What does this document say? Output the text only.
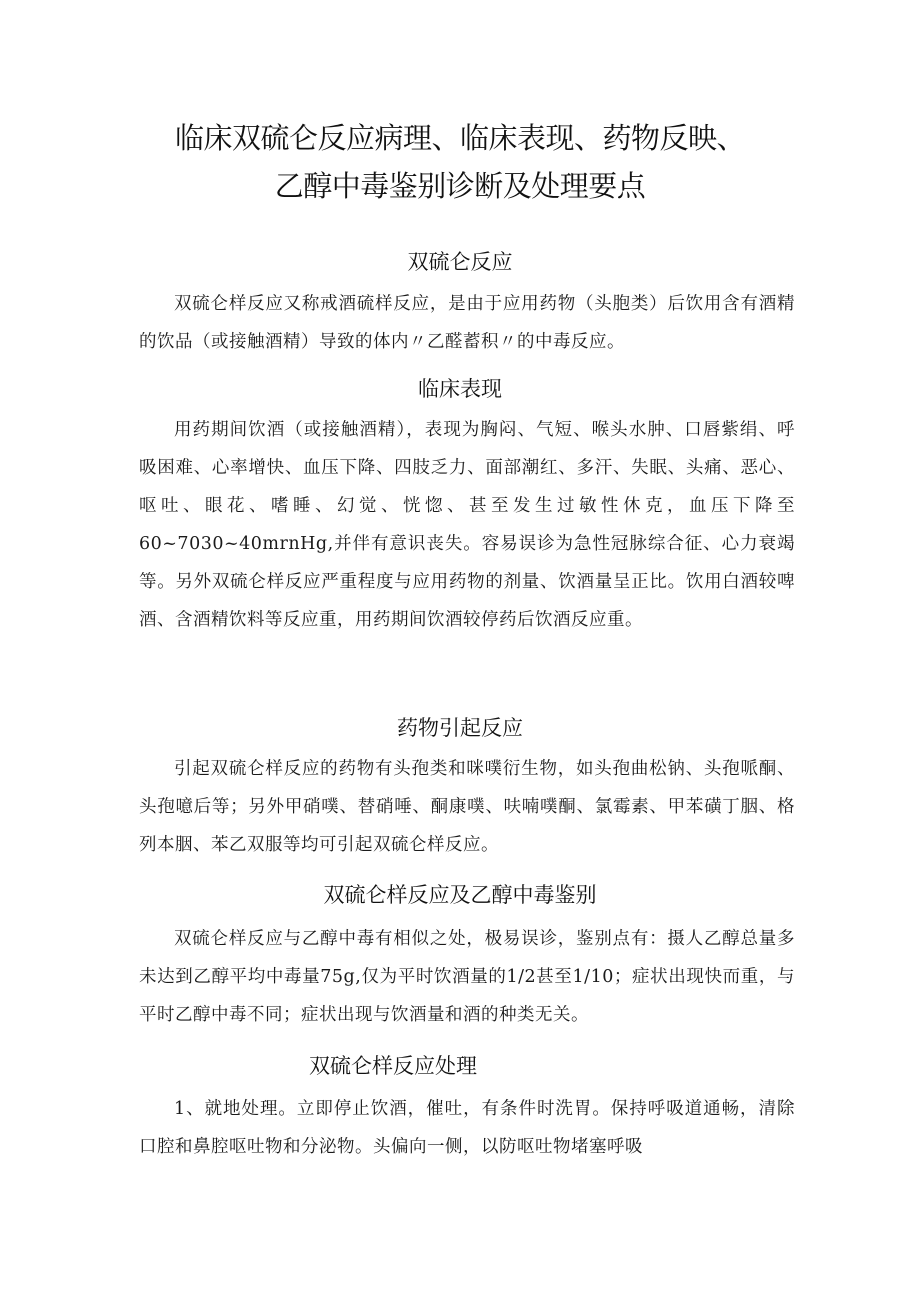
临床双硫仑反应病理、临床表现、药物反映、
乙醇中毒鉴别诊断及处理要点
双硫仑反应

双硫仑样反应又称戒酒硫样反应，是由于应用药物（头胞类）后饮用含有酒精的饮品（或接触酒精）导致的体内〃乙醛蓄积〃的中毒反应。

临床表现

用药期间饮酒（或接触酒精），表现为胸闷、气短、喉头水肿、口唇紫绢、呼吸困难、心率增快、血压下降、四肢乏力、面部潮红、多汗、失眠、头痛、恶心、呕吐、眼花、嗜睡、幻觉、恍惚、甚至发生过敏性休克，血压下降至60~7030~40mrnHg,并伴有意识丧失。容易误诊为急性冠脉综合征、心力衰竭等。另外双硫仑样反应严重程度与应用药物的剂量、饮酒量呈正比。饮用白酒较啤酒、含酒精饮料等反应重，用药期间饮酒较停药后饮酒反应重。

药物引起反应

引起双硫仑样反应的药物有头孢类和咪噗衍生物，如头孢曲松钠、头孢哌酮、头孢噫后等；另外甲硝噗、替硝唾、酮康噗、呋喃噗酮、氯霉素、甲苯磺丁胭、格列本胭、苯乙双服等均可引起双硫仑样反应。

双硫仑样反应及乙醇中毒鉴别

双硫仑样反应与乙醇中毒有相似之处，极易误诊，鉴别点有：摄人乙醇总量多未达到乙醇平均中毒量75g,仅为平时饮酒量的1/2甚至1/10；症状出现快而重，与平时乙醇中毒不同；症状出现与饮酒量和酒的种类无关。

双硫仑样反应处理

1、就地处理。立即停止饮酒，催吐，有条件时洗胃。保持呼吸道通畅，清除口腔和鼻腔呕吐物和分泌物。头偏向一侧，以防呕吐物堵塞呼吸
